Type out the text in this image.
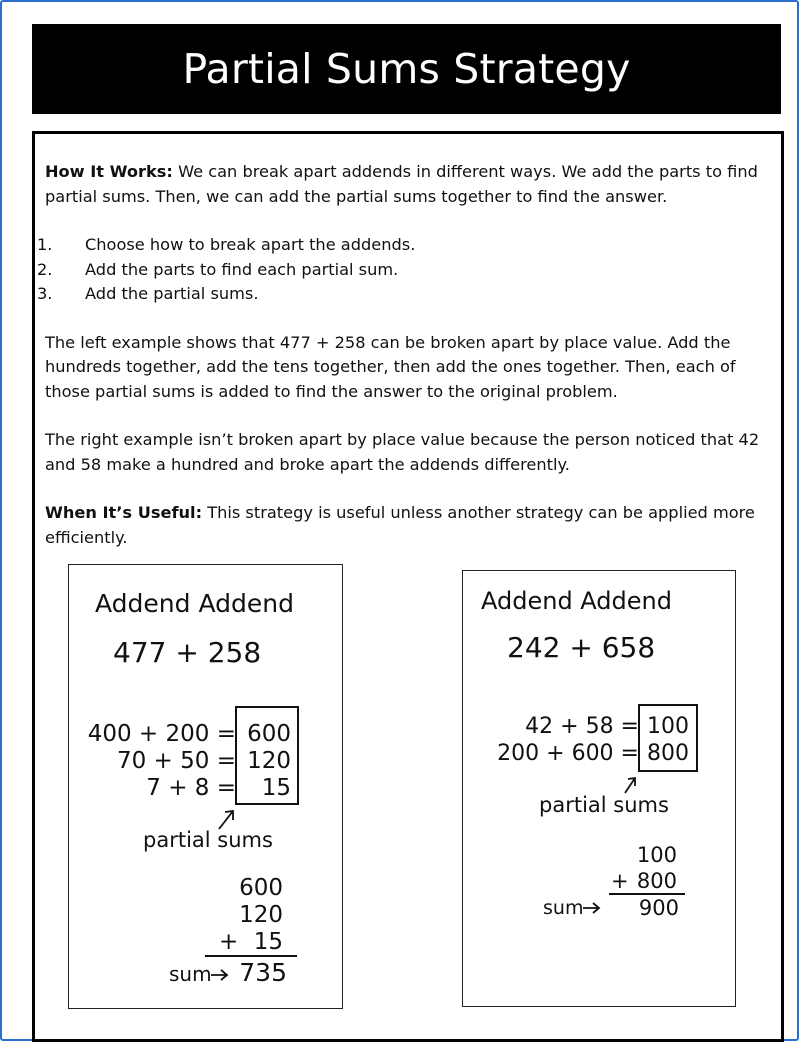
Partial Sums Strategy

How It Works: We can break apart addends in different ways. We add the parts to find partial sums. Then, we can add the partial sums together to find the answer.

1. Choose how to break apart the addends.
2. Add the parts to find each partial sum.
3. Add the partial sums.

The left example shows that 477 + 258 can be broken apart by place value. Add the hundreds together, add the tens together, then add the ones together. Then, each of those partial sums is added to find the answer to the original problem.

The right example isn’t broken apart by place value because the person noticed that 42 and 58 make a hundred and broke apart the addends differently.

When It’s Useful: This strategy is useful unless another strategy can be applied more efficiently.

Addend Addend
477 + 258
400 + 200 =
70 + 50 =
7 + 8 =
600
120
15
partial sums
600
120
+ 15
sum 735
Addend Addend
242 + 658
42 + 58 =
200 + 600 =
100
800
partial sums
100
+ 800
sum	900
